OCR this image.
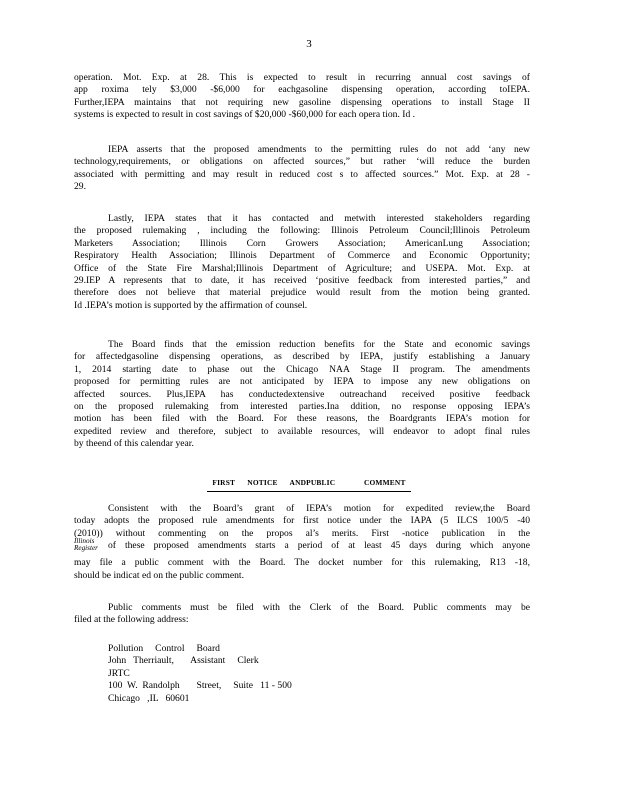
3
operation. Mot. Exp. at 28. This is expected to result in recurring annual cost savings of
app roxima tely $3,000 -$6,000 for eachgasoline dispensing operation, according toIEPA.
Further,IEPA maintains that not requiring new gasoline dispensing operations to install Stage II
systems is expected to result in cost savings of $20,000 -$60,000 for each opera tion. Id .
IEPA asserts that the proposed amendments to the permitting rules do not add ‘any new
technology,requirements, or obligations on affected sources,” but rather ‘will reduce the burden
associated with permitting and may result in reduced cost s to affected sources.” Mot. Exp. at 28 -
29.
Lastly, IEPA states that it has contacted and metwith interested stakeholders regarding
the proposed rulemaking , including the following: Illinois Petroleum Council;Illinois Petroleum
Marketers Association; Illinois Corn Growers Association; AmericanLung Association;
Respiratory Health Association; Illinois Department of Commerce and Economic Opportunity;
Office of the State Fire Marshal;Illinois Department of Agriculture; and USEPA. Mot. Exp. at
29.IEP A represents that to date, it has received ‘positive feedback from interested parties,” and
therefore does not believe that material prejudice would result from the motion being granted.
Id .IEPA’s motion is supported by the affirmation of counsel.
The Board finds that the emission reduction benefits for the State and economic savings
for affectedgasoline dispensing operations, as described by IEPA, justify establishing a January
1, 2014 starting date to phase out the Chicago NAA Stage II program. The amendments
proposed for permitting rules are not anticipated by IEPA to impose any new obligations on
affected sources. Plus,IEPA has conductedextensive outreachand received positive feedback
on the proposed rulemaking from interested parties.Ina ddition, no response opposing IEPA’s
motion has been filed with the Board. For these reasons, the Boardgrants IEPA’s motion for
expedited review and therefore, subject to available resources, will endeavor to adopt final rules
by theend of this calendar year.
FIRST      NOTICE      ANDPUBLIC              COMMENT
Consistent with the Board’s grant of IEPA’s motion for expedited review,the Board
today adopts the proposed rule amendments for first notice under the IAPA (5 ILCS 100/5 -40
(2010)) without commenting on the propos al’s merits. First -notice publication in the
Illinois
Register	of these proposed amendments starts a period of at least 45 days during which anyone
may file a public comment with the Board. The docket number for this rulemaking, R13 -18,
should be indicat ed on the public comment.
Public comments must be filed with the Clerk of the Board. Public comments may be
filed at the following address:
Pollution     Control     Board
John   Therriault,       Assistant     Clerk
JRTC
100  W.  Randolph       Street,     Suite   11 - 500
Chicago   ,IL   60601
